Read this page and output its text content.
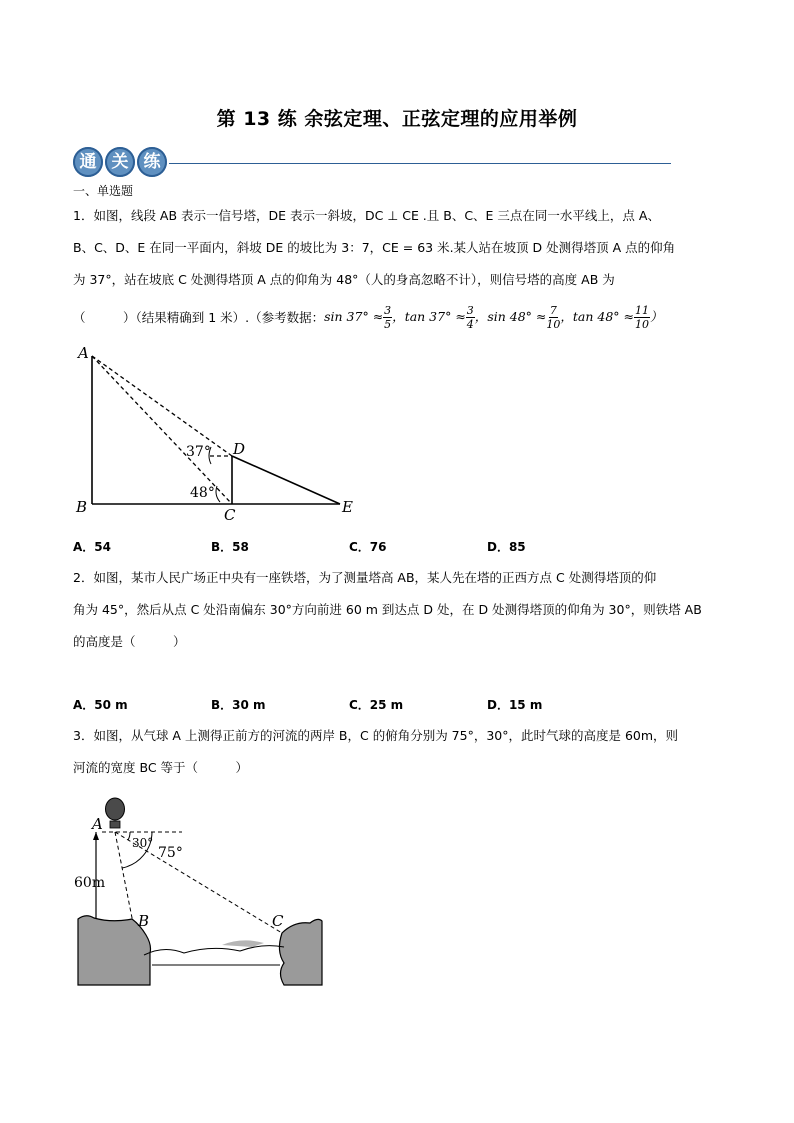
第 13 练 余弦定理、正弦定理的应用举例
通 关 练
一、单选题
1．如图，线段 AB 表示一信号塔，DE 表示一斜坡，DC ⊥ CE .且 B、C、E 三点在同一水平线上，点 A、
B、C、D、E 在同一平面内，斜坡 DE 的坡比为 3：7，CE = 63 米.某人站在坡顶 D 处测得塔顶 A 点的仰角
为 37°，站在坡底 C 处测得塔顶 A 点的仰角为 48°（人的身高忽略不计），则信号塔的高度 AB 为
（　　　）（结果精确到 1 米）.（参考数据： $\sin 37^\circ \approx \frac{3}{5}$ ， $\tan 37^\circ \approx \frac{3}{4}$ ， $\sin 48^\circ \approx \frac{7}{10}$ ， $\tan 48^\circ \approx \frac{11}{10}$ ）
A
B	C
D
E
37°
48°
A．54	B．58	C．76	D．85
2．如图，某市人民广场正中央有一座铁塔，为了测量塔高 AB，某人先在塔的正西方点 C 处测得塔顶的仰
角为 45°，然后从点 C 处沿南偏东 30°方向前进 60 m 到达点 D 处，在 D 处测得塔顶的仰角为 30°，则铁塔 AB
的高度是（　　　）
A．50 m	B．30 m	C．25 m	D．15 m
3．如图，从气球 A 上测得正前方的河流的两岸 B，C 的俯角分别为 75°，30°，此时气球的高度是 60m，则
河流的宽度 BC 等于（　　　）
A
B	C
30°
75°
60m
